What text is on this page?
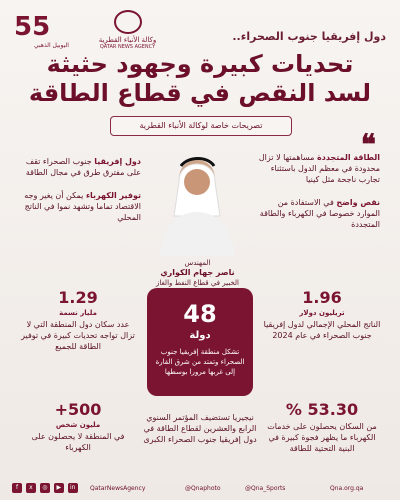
55
اليوبيل الذهبي
وكالة الأنباء القطرية
QATAR NEWS AGENCY
دول إفريقيا جنوب الصحراء..
تحديات كبيرة وجهود حثيثة لسد النقص في قطاع الطاقة
تصريحات خاصة لوكالة الأنباء القطرية
❝
الطاقة المتجددة مساهمتها لا تزال محدودة في معظم الدول باستثناء تجارب ناجحة مثل كينيا
نقص واضح في الاستفادة من الموارد خصوصا في الكهرباء والطاقة المتجددة
دول إفريقيا جنوب الصحراء تقف على مفترق طرق في مجال الطاقة
توفير الكهرباء يمكن أن يغير وجه الاقتصاد تماما وتشهد نموا في الناتج المحلي
المهندس
ناصر جهام الكواري
الخبير في قطاع النفط والغاز
1.29
مليار نسمة
عدد سكان دول المنطقة التي لا تزال تواجه تحديات كبيرة في توفير الطاقة للجميع
1.96
تريليون دولار
الناتج المحلي الإجمالي لدول إفريقيا جنوب الصحراء في عام 2024
48
دولة
تشكل منطقة إفريقيا جنوب الصحراء وتمتد من شرق القارة إلى غربها مرورا بوسطها
500+
مليون شخص
في المنطقة لا يحصلون على الكهرباء
53.30 %
من السكان يحصلون على خدمات الكهرباء ما يظهر فجوة كبيرة في البنية التحتية للطاقة
نيجيريا تستضيف المؤتمر السنوي الرابع والعشرين لقطاع الطاقة في دول إفريقيا جنوب الصحراء الكبرى
f x ◎ ▶ in	QatarNewsAgency	@Qnaphoto	@Qna_Sports	Qna.org.qa
